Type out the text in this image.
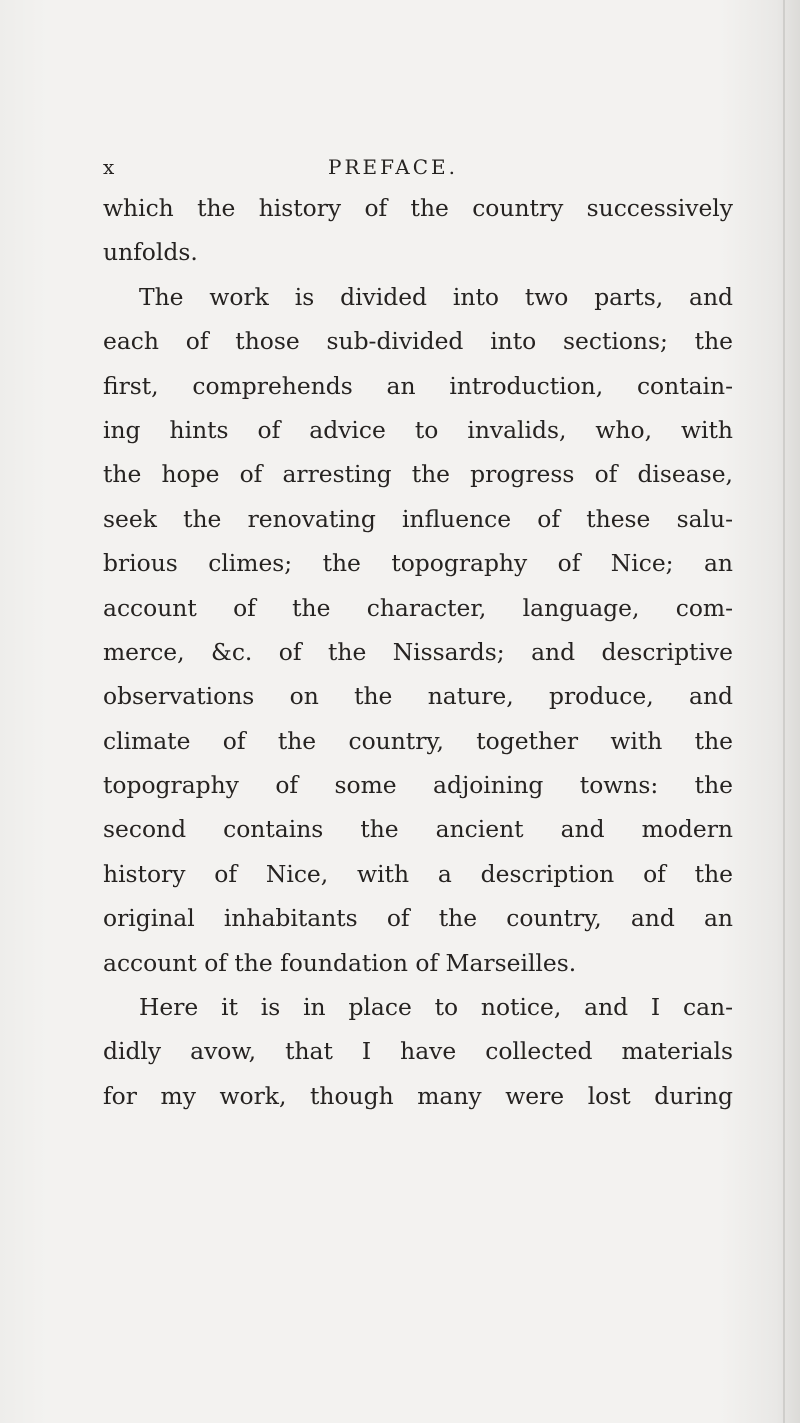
x	PREFACE.
which the history of the country successively
unfolds.
The work is divided into two parts, and
each of those sub-divided into sections; the
first, comprehends an introduction, contain-
ing hints of advice to invalids, who, with
the hope of arresting the progress of disease,
seek the renovating influence of these salu-
brious climes; the topography of Nice; an
account of the character, language, com-
merce, &c. of the Nissards; and descriptive
observations on the nature, produce, and
climate of the country, together with the
topography of some adjoining towns: the
second contains the ancient and modern
history of Nice, with a description of the
original inhabitants of the country, and an
account of the foundation of Marseilles.
Here it is in place to notice, and I can-
didly avow, that I have collected materials
for my work, though many were lost during
